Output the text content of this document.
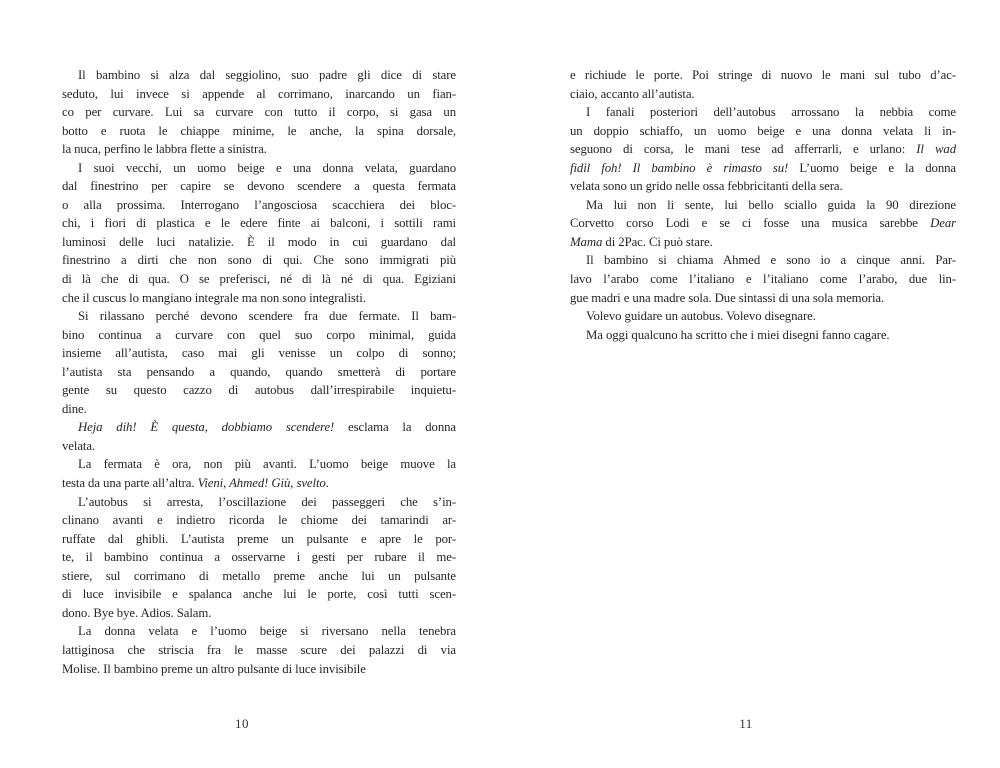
Il bambino si alza dal seggiolino, suo padre gli dice di stare
seduto, lui invece si appende al corrimano, inarcando un fian-
co per curvare. Lui sa curvare con tutto il corpo, si gasa un
botto e ruota le chiappe minime, le anche, la spina dorsale,
la nuca, perfino le labbra flette a sinistra.
I suoi vecchi, un uomo beige e una donna velata, guardano
dal finestrino per capire se devono scendere a questa fermata
o alla prossima. Interrogano l’angosciosa scacchiera dei bloc-
chi, i fiori di plastica e le edere finte ai balconi, i sottili rami
luminosi delle luci natalizie. È il modo in cui guardano dal
finestrino a dirti che non sono di qui. Che sono immigrati più
di là che di qua. O se preferisci, né di là né di qua. Egiziani
che il cuscus lo mangiano integrale ma non sono integralisti.
Si rilassano perché devono scendere fra due fermate. Il bam-
bino continua a curvare con quel suo corpo minimal, guida
insieme all’autista, caso mai gli venisse un colpo di sonno;
l’autista sta pensando a quando, quando smetterà di portare
gente su questo cazzo di autobus dall’irrespirabile inquietu-
dine.
Heja dih! È questa, dobbiamo scendere! esclama la donna
velata.
La fermata è ora, non più avanti. L’uomo beige muove la
testa da una parte all’altra. Vieni, Ahmed! Giù, svelto.
L’autobus si arresta, l’oscillazione dei passeggeri che s’in-
clinano avanti e indietro ricorda le chiome dei tamarindi ar-
ruffate dal ghibli. L’autista preme un pulsante e apre le por-
te, il bambino continua a osservarne i gesti per rubare il me-
stiere, sul corrimano di metallo preme anche lui un pulsante
di luce invisibile e spalanca anche lui le porte, così tutti scen-
dono. Bye bye. Adios. Salam.
La donna velata e l’uomo beige si riversano nella tenebra
lattiginosa che striscia fra le masse scure dei palazzi di via
Molise. Il bambino preme un altro pulsante di luce invisibile
10
e richiude le porte. Poi stringe di nuovo le mani sul tubo d’ac-
ciaio, accanto all’autista.
I fanali posteriori dell’autobus arrossano la nebbia come
un doppio schiaffo, un uomo beige e una donna velata li in-
seguono di corsa, le mani tese ad afferrarli, e urlano: Il wad
fidil foh! Il bambino è rimasto su! L’uomo beige e la donna
velata sono un grido nelle ossa febbricitanti della sera.
Ma lui non li sente, lui bello sciallo guida la 90 direzione
Corvetto corso Lodi e se ci fosse una musica sarebbe Dear
Mama di 2Pac. Ci può stare.
Il bambino si chiama Ahmed e sono io a cinque anni. Par-
lavo l’arabo come l’italiano e l’italiano come l’arabo, due lin-
gue madri e una madre sola. Due sintassi di una sola memoria.
Volevo guidare un autobus. Volevo disegnare.
Ma oggi qualcuno ha scritto che i miei disegni fanno cagare.
11
